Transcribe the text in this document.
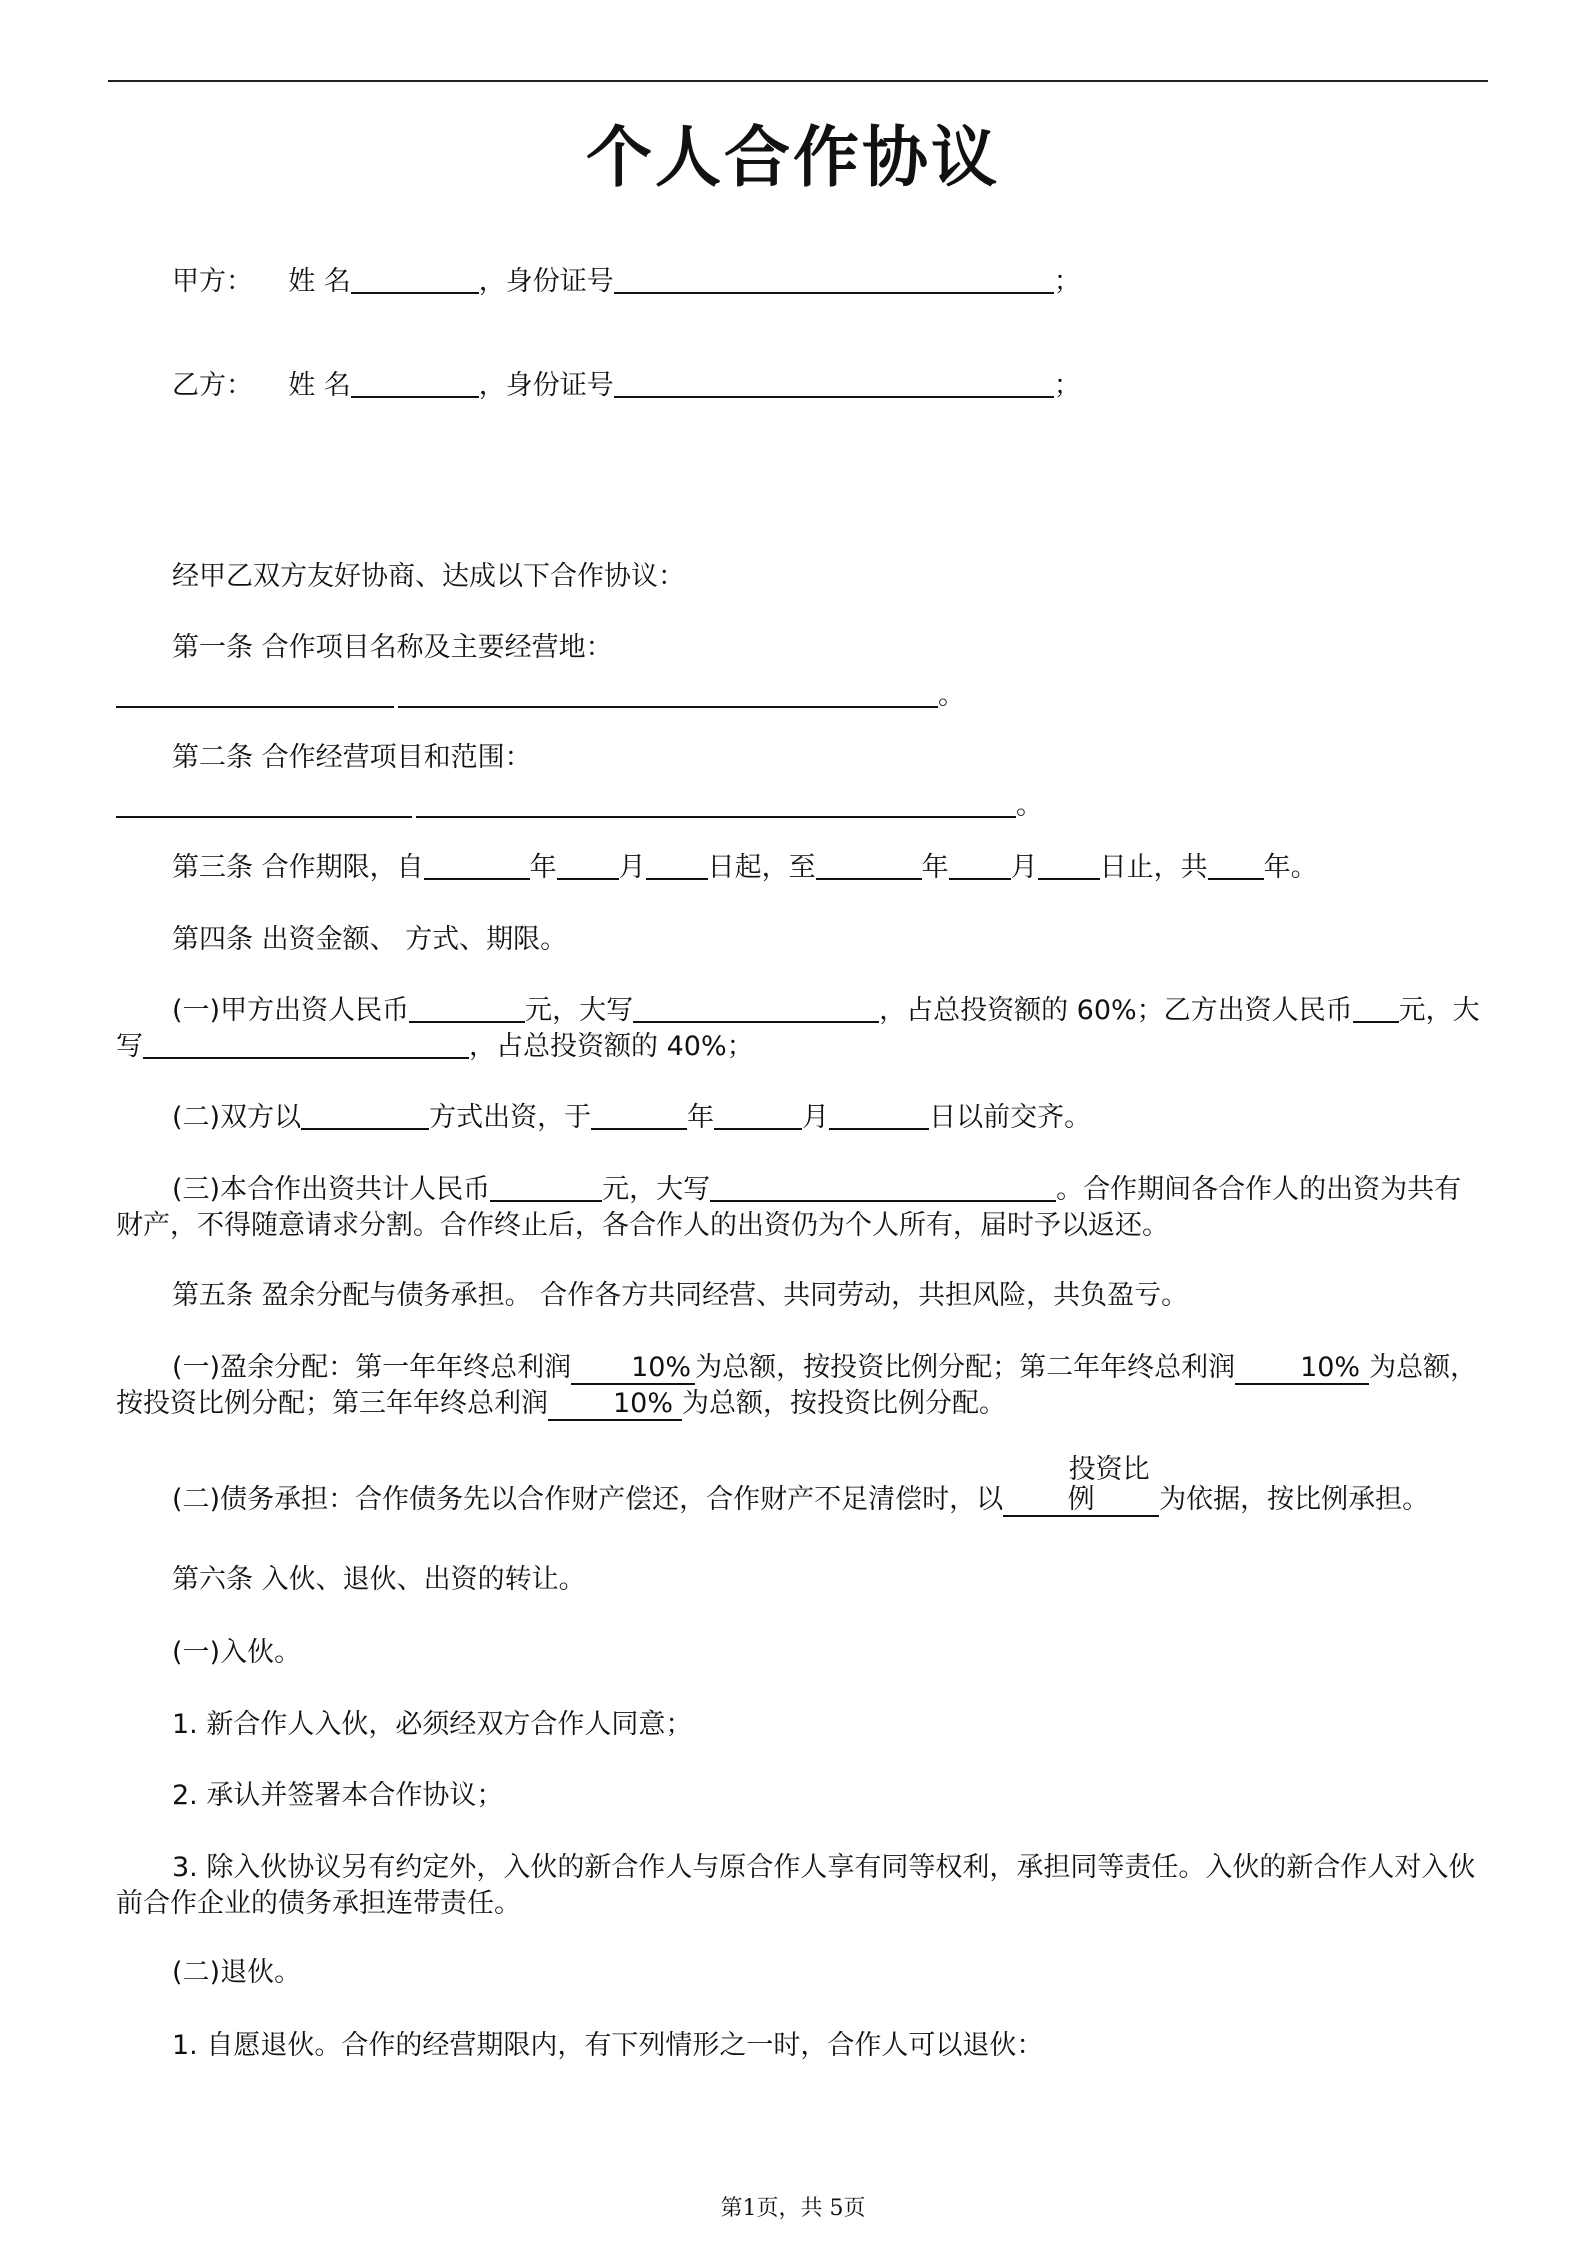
个人合作协议
甲方： 姓 名	，身份证号	；
乙方： 姓 名	，身份证号	；
经甲乙双方友好协商、达成以下合作协议：
第一条 合作项目名称及主要经营地：
。
第二条 合作经营项目和范围：
。
第三条 合作期限，自	年 月 日起，至	年 月 日止，共 年。
第四条 出资金额、 方式、期限。
(一)甲方出资人民币	元，大写	，占总投资额的 60%；乙方出资人民币 元，大写	，占总投资额的 40%；
(二)双方以	方式出资，于	年	月	日以前交齐。
(三)本合作出资共计人民币	元，大写	。合作期间各合作人的出资为共有财产，不得随意请求分割。合作终止后，各合作人的出资仍为个人所有，届时予以返还。
第五条 盈余分配与债务承担。 合作各方共同经营、共同劳动，共担风险，共负盈亏。
(一)盈余分配：第一年年终总利润 10% 为总额，按投资比例分配；第二年年终总利润 10% 为总额，按投资比例分配；第三年年终总利润 10% 为总额，按投资比例分配。
(二)债务承担：合作债务先以合作财产偿还，合作财产不足清偿时，以投资比例 为依据，按比例承担。
第六条 入伙、退伙、出资的转让。
(一)入伙。
1. 新合作人入伙，必须经双方合作人同意；
2. 承认并签署本合作协议；
3. 除入伙协议另有约定外，入伙的新合作人与原合作人享有同等权利，承担同等责任。入伙的新合作人对入伙前合作企业的债务承担连带责任。
(二)退伙。
1. 自愿退伙。合作的经营期限内，有下列情形之一时，合作人可以退伙：
第1页，共 5页
